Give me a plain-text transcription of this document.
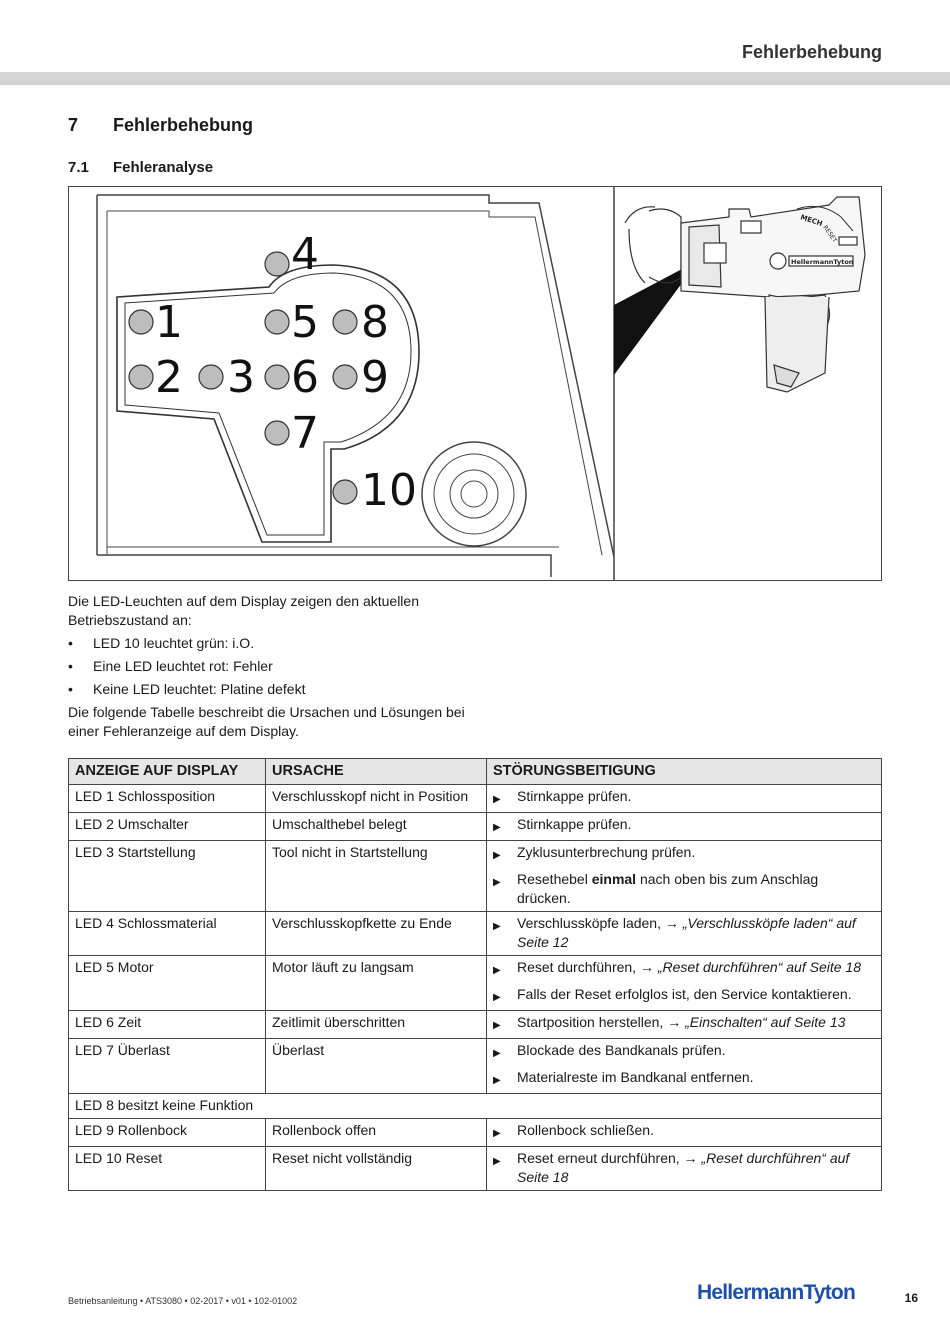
Fehlerbehebung
7 Fehlerbehebung
7.1 Fehleranalyse
1
2 3
4
5
6
7
8
9
10
MECH
RESET
HellermannTyton

Die LED-Leuchten auf dem Display zeigen den aktuellen Betriebszustand an:

• LED 10 leuchtet grün: i.O.
• Eine LED leuchtet rot: Fehler
• Keine LED leuchtet: Platine defekt

Die folgende Tabelle beschreibt die Ursachen und Lösungen bei einer Fehleranzeige auf dem Display.

ANZEIGE AUF DISPLAY	URSACHE	STÖRUNGSBEITIGUNG
LED 1 Schlossposition	Verschlusskopf nicht in Position	▶ Stirnkappe prüfen.

LED 2 Umschalter	Umschalthebel belegt	▶ Stirnkappe prüfen.

LED 3 Startstellung	Tool nicht in Startstellung	▶ Zyklusunterbrechung prüfen.
▶ Resethebel einmal nach oben bis zum Anschlag drücken.

LED 4 Schlossmaterial	Verschlusskopfkette zu Ende	▶ Verschlussköpfe laden, → „Verschlussköpfe laden“ auf Seite 12

LED 5 Motor	Motor läuft zu langsam	▶ Reset durchführen, → „Reset durchführen“ auf Seite 18
▶ Falls der Reset erfolglos ist, den Service kontaktieren.

LED 6 Zeit	Zeitlimit überschritten	▶ Startposition herstellen, → „Einschalten“ auf Seite 13

LED 7 Überlast	Überlast	▶ Blockade des Bandkanals prüfen.
▶ Materialreste im Bandkanal entfernen.

LED 8 besitzt keine Funktion		
LED 9 Rollenbock	Rollenbock offen	▶ Rollenbock schließen.

LED 10 Reset	Reset nicht vollständig	▶ Reset erneut durchführen, → „Reset durchführen“ auf Seite 18
Betriebsanleitung • ATS3080 • 02-2017 • v01 • 102-01002	HellermannTyton	16
